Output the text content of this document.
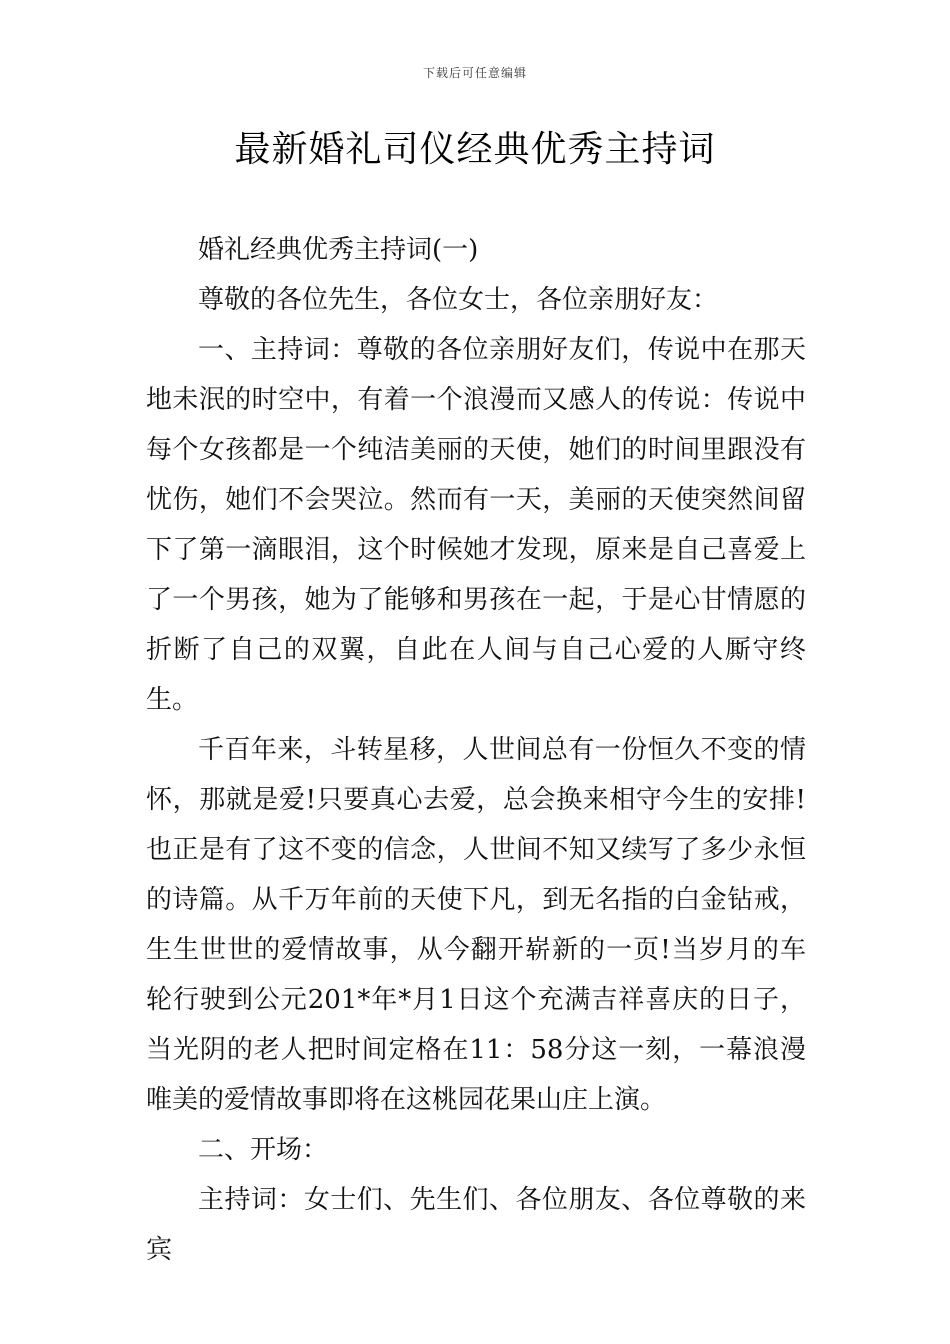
下载后可任意编辑
最新婚礼司仪经典优秀主持词

婚礼经典优秀主持词(一)

尊敬的各位先生，各位女士，各位亲朋好友：

一、主持词：尊敬的各位亲朋好友们，传说中在那天地未泯的时空中，有着一个浪漫而又感人的传说：传说中每个女孩都是一个纯洁美丽的天使，她们的时间里跟没有忧伤，她们不会哭泣。然而有一天，美丽的天使突然间留下了第一滴眼泪，这个时候她才发现，原来是自己喜爱上了一个男孩，她为了能够和男孩在一起，于是心甘情愿的折断了自己的双翼，自此在人间与自己心爱的人厮守终生。

千百年来，斗转星移，人世间总有一份恒久不变的情怀，那就是爱!只要真心去爱，总会换来相守今生的安排!也正是有了这不变的信念，人世间不知又续写了多少永恒的诗篇。从千万年前的天使下凡，到无名指的白金钻戒，生生世世的爱情故事，从今翻开崭新的一页!当岁月的车轮行驶到公元201*年*月1日这个充满吉祥喜庆的日子，当光阴的老人把时间定格在11：58分这一刻，一幕浪漫唯美的爱情故事即将在这桃园花果山庄上演。

二、开场：

主持词：女士们、先生们、各位朋友、各位尊敬的来宾
